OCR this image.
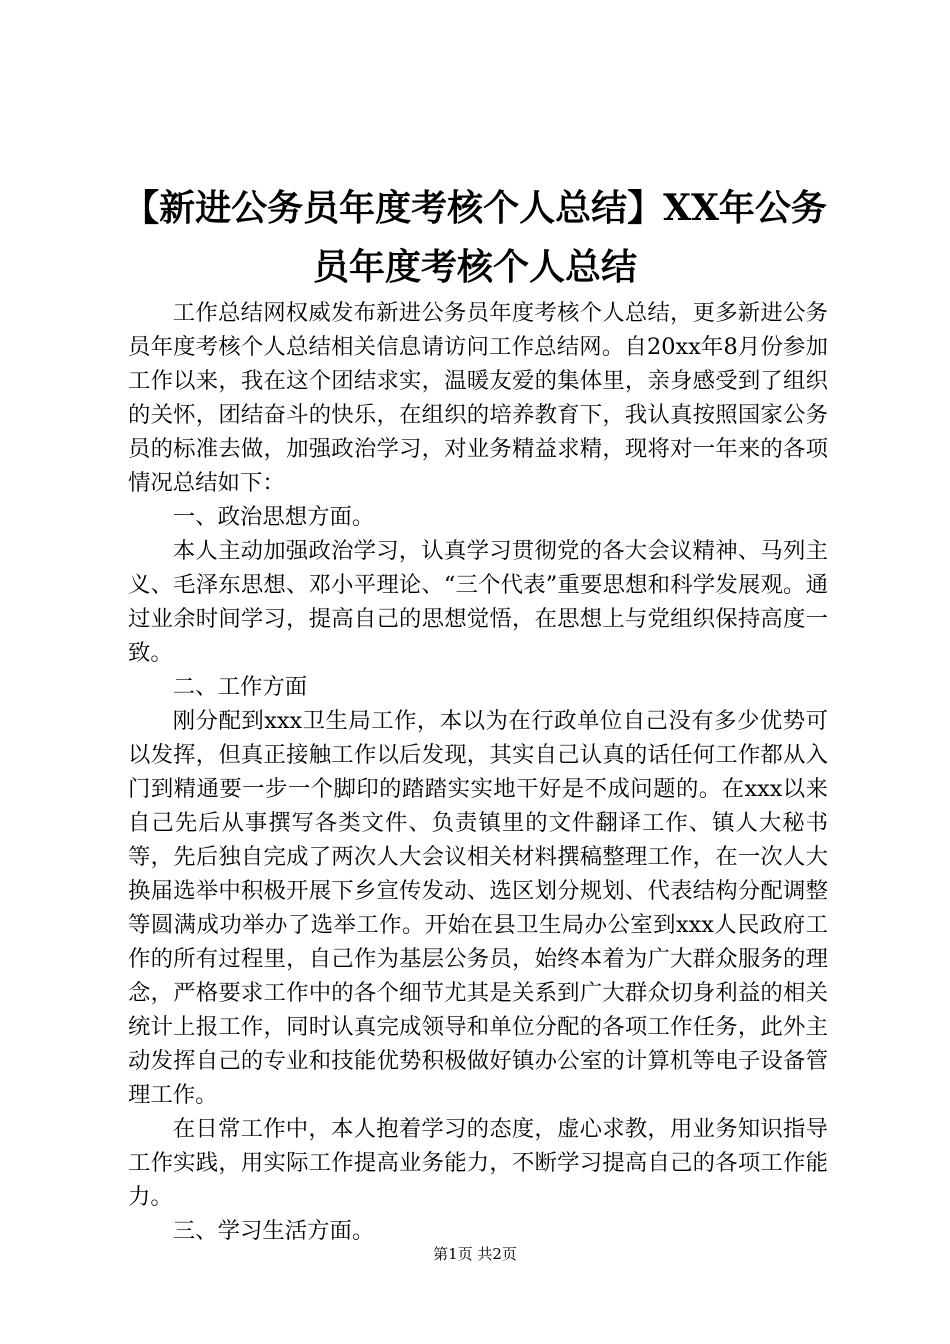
【新进公务员年度考核个人总结】XX年公务
员年度考核个人总结

工作总结网权威发布新进公务员年度考核个人总结，更多新进公务员年度考核个人总结相关信息请访问工作总结网。自20xx年8月份参加工作以来，我在这个团结求实，温暖友爱的集体里，亲身感受到了组织的关怀，团结奋斗的快乐，在组织的培养教育下，我认真按照国家公务员的标准去做，加强政治学习，对业务精益求精，现将对一年来的各项情况总结如下：

一、政治思想方面。

本人主动加强政治学习，认真学习贯彻党的各大会议精神、马列主义、毛泽东思想、邓小平理论、“三个代表”重要思想和科学发展观。通过业余时间学习，提高自己的思想觉悟，在思想上与党组织保持高度一致。

二、工作方面

刚分配到xxx卫生局工作，本以为在行政单位自己没有多少优势可以发挥，但真正接触工作以后发现，其实自己认真的话任何工作都从入门到精通要一步一个脚印的踏踏实实地干好是不成问题的。在xxx以来自己先后从事撰写各类文件、负责镇里的文件翻译工作、镇人大秘书等，先后独自完成了两次人大会议相关材料撰稿整理工作，在一次人大换届选举中积极开展下乡宣传发动、选区划分规划、代表结构分配调整等圆满成功举办了选举工作。开始在县卫生局办公室到xxx人民政府工作的所有过程里，自己作为基层公务员，始终本着为广大群众服务的理念，严格要求工作中的各个细节尤其是关系到广大群众切身利益的相关统计上报工作，同时认真完成领导和单位分配的各项工作任务，此外主动发挥自己的专业和技能优势积极做好镇办公室的计算机等电子设备管理工作。

在日常工作中，本人抱着学习的态度，虚心求教，用业务知识指导工作实践，用实际工作提高业务能力，不断学习提高自己的各项工作能力。

三、学习生活方面。

第1页 共2页
